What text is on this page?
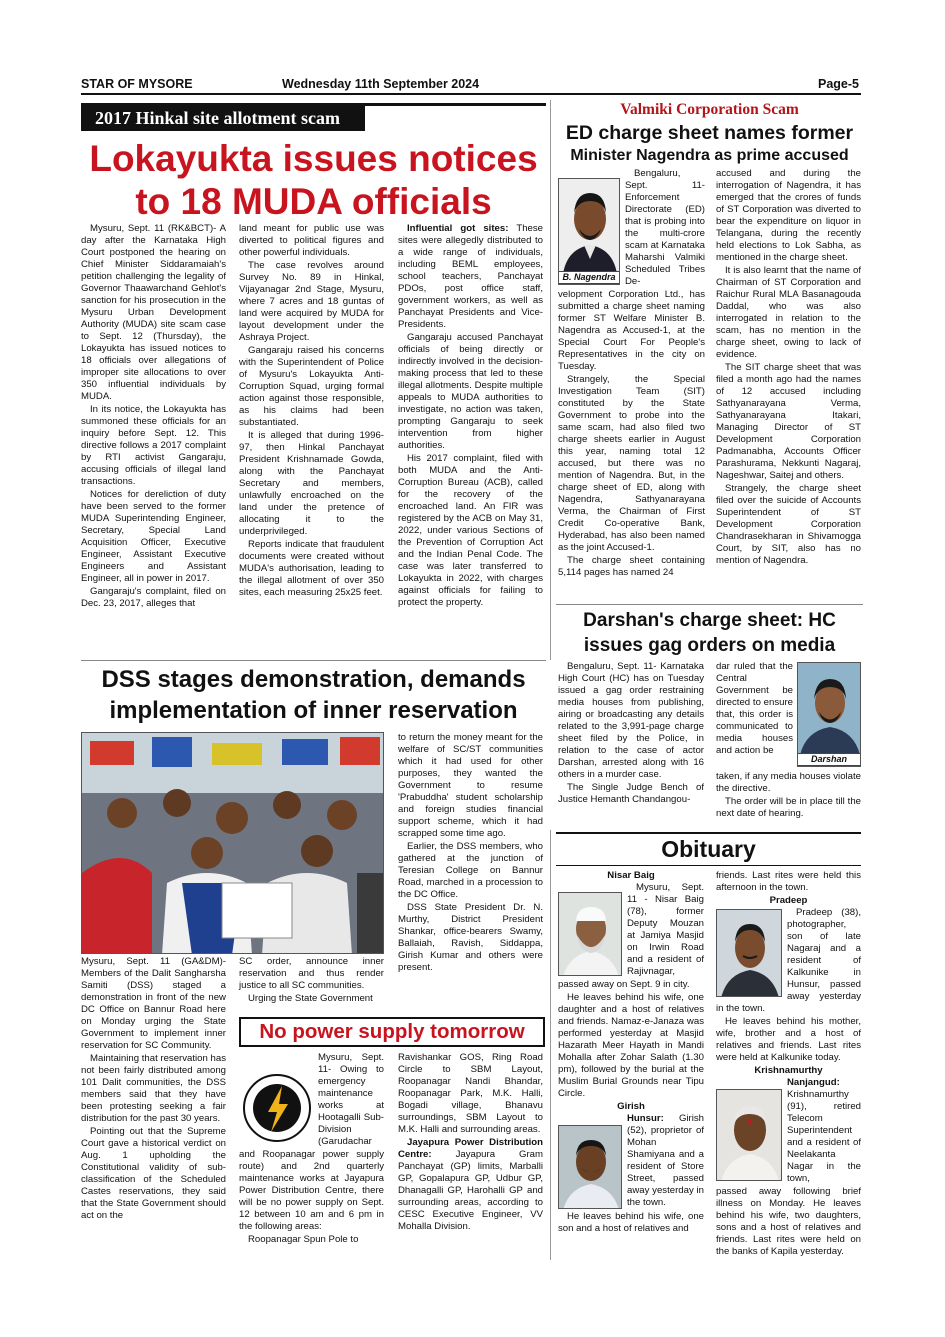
STAR OF MYSORE	Wednesday 11th September 2024	Page-5
2017 Hinkal site allotment scam
Lokayukta issues notices to 18 MUDA officials

Mysuru, Sept. 11 (RK&BCT)- A day after the Karnataka High Court postponed the hearing on Chief Minister Siddaramaiah's petition challenging the legality of Governor Thaawarchand Gehlot's sanction for his prosecution in the Mysuru Urban Development Authority (MUDA) site scam case to Sept. 12 (Thursday), the Lokayukta has issued notices to 18 officials over allegations of improper site allocations to over 350 influential individuals by MUDA.

In its notice, the Lokayukta has summoned these officials for an inquiry before Sept. 12. This directive follows a 2017 complaint by RTI activist Gangaraju, accusing officials of illegal land transactions.

Notices for dereliction of duty have been served to the former MUDA Superintending Engineer, Secretary, Special Land Acquisition Officer, Executive Engineer, Assistant Executive Engineers and Assistant Engineer, all in power in 2017.

Gangaraju's complaint, filed on Dec. 23, 2017, alleges that

land meant for public use was diverted to political figures and other powerful individuals.

The case revolves around Survey No. 89 in Hinkal, Vijayanagar 2nd Stage, Mysuru, where 7 acres and 18 guntas of land were acquired by MUDA for layout development under the Ashraya Project.

Gangaraju raised his concerns with the Superintendent of Police of Mysuru's Lokayukta Anti-Corruption Squad, urging formal action against those responsible, as his claims had been substantiated.

It is alleged that during 1996-97, then Hinkal Panchayat President Krishnamade Gowda, along with the Panchayat Secretary and members, unlawfully encroached on the land under the pretence of allocating it to the underprivileged.

Reports indicate that fraudulent documents were created without MUDA's authorisation, leading to the illegal allotment of over 350 sites, each measuring 25x25 feet.

Influential got sites: These sites were allegedly distributed to a wide range of individuals, including BEML employees, school teachers, Panchayat PDOs, post office staff, government workers, as well as Panchayat Presidents and Vice-Presidents.

Gangaraju accused Panchayat officials of being directly or indirectly involved in the decision-making process that led to these illegal allotments. Despite multiple appeals to MUDA authorities to investigate, no action was taken, prompting Gangaraju to seek intervention from higher authorities.

His 2017 complaint, filed with both MUDA and the Anti-Corruption Bureau (ACB), called for the recovery of the encroached land. An FIR was registered by the ACB on May 31, 2022, under various Sections of the Prevention of Corruption Act and the Indian Penal Code. The case was later transferred to Lokayukta in 2022, with charges against officials for failing to protect the property.

Valmiki Corporation Scam
ED charge sheet names former
Minister Nagendra as prime accused
B. Nagendra

Bengaluru, Sept. 11- Enforcement Directorate (ED) that is probing into the multi-crore scam at Karnataka Maharshi Valmiki Scheduled Tribes De-

velopment Corporation Ltd., has submitted a charge sheet naming former ST Welfare Minister B. Nagendra as Accused-1, at the Special Court For People's Representatives in the city on Tuesday.

Strangely, the Special Investigation Team (SIT) constituted by the State Government to probe into the same scam, had also filed two charge sheets earlier in August this year, naming total 12 accused, but there was no mention of Nagendra. But, in the charge sheet of ED, along with Nagendra, Sathyanarayana Verma, the Chairman of First Credit Co-operative Bank, Hyderabad, has also been named as the joint Accused-1.

The charge sheet containing 5,114 pages has named 24

accused and during the interrogation of Nagendra, it has emerged that the crores of funds of ST Corporation was diverted to bear the expenditure on liquor in Telangana, during the recently held elections to Lok Sabha, as mentioned in the charge sheet.

It is also learnt that the name of Chairman of ST Corporation and Raichur Rural MLA Basanagouda Daddal, who was also interrogated in relation to the scam, has no mention in the charge sheet, owing to lack of evidence.

The SIT charge sheet that was filed a month ago had the names of 12 accused including Sathyanarayana Verma, Sathyanarayana Itakari, Managing Director of ST Development Corporation Padmanabha, Accounts Officer Parashurama, Nekkunti Nagaraj, Nageshwar, Saitej and others.

Strangely, the charge sheet filed over the suicide of Accounts Superintendent of ST Development Corporation Chandrasekharan in Shivamogga Court, by SIT, also has no mention of Nagendra.

Darshan's charge sheet: HC
issues gag orders on media

Bengaluru, Sept. 11- Karnataka High Court (HC) has on Tuesday issued a gag order restraining media houses from publishing, airing or broadcasting any details related to the 3,991-page charge sheet filed by the Police, in relation to the case of actor Darshan, arrested along with 16 others in a murder case.

The Single Judge Bench of Justice Hemanth Chandangou-

dar ruled that the Central Government be directed to ensure that, this order is communicated to media houses and action be

Darshan

taken, if any media houses violate the directive.

The order will be in place till the next date of hearing.

DSS stages demonstration, demands
implementation of inner reservation

Mysuru, Sept. 11 (GA&DM)- Members of the Dalit Sangharsha Samiti (DSS) staged a demonstration in front of the new DC Office on Bannur Road here on Monday urging the State Government to implement inner reservation for SC Community.

Maintaining that reservation has not been fairly distributed among 101 Dalit communities, the DSS members said that they have been protesting seeking a fair distribution for the past 30 years.

Pointing out that the Supreme Court gave a historical verdict on Aug. 1 upholding the Constitutional validity of sub-classification of the Scheduled Castes reservations, they said that the State Government should act on the

SC order, announce inner reservation and thus render justice to all SC communities.

Urging the State Government

to return the money meant for the welfare of SC/ST communities which it had used for other purposes, they wanted the Government to resume 'Prabuddha' student scholarship and foreign studies financial support scheme, which it had scrapped some time ago.

Earlier, the DSS members, who gathered at the junction of Teresian College on Bannur Road, marched in a procession to the DC Office.

DSS State President Dr. N. Murthy, District President Shankar, office-bearers Swamy, Ballaiah, Ravish, Siddappa, Girish Kumar and others were present.

No power supply tomorrow

Mysuru, Sept. 11- Owing to emergency maintenance works at Hootagalli Sub-Division (Garudachar

and Roopanagar power supply route) and 2nd quarterly maintenance works at Jayapura Power Distribution Centre, there will be no power supply on Sept. 12 between 10 am and 6 pm in the following areas:

Roopanagar Spun Pole to

Ravishankar GOS, Ring Road Circle to SBM Layout, Roopanagar Nandi Bhandar, Roopanagar Park, M.K. Halli, Bogadi village, Bhanavu surroundings, SBM Layout to M.K. Halli and surrounding areas.

Jayapura Power Distribution Centre: Jayapura Gram Panchayat (GP) limits, Marballi GP, Gopalapura GP, Udbur GP, Dhanagalli GP, Harohalli GP and surrounding areas, according to CESC Executive Engineer, VV Mohalla Division.

Obituary
Nisar Baig

Mysuru, Sept. 11 - Nisar Baig (78), former Deputy Mouzan at Jamiya Masjid on Irwin Road and a resident of Rajivnagar,

passed away on Sept. 9 in city.

He leaves behind his wife, one daughter and a host of relatives and friends. Namaz-e-Janaza was performed yesterday at Masjid Hazarath Meer Hayath in Mandi Mohalla after Zohar Salath (1.30 pm), followed by the burial at the Muslim Burial Grounds near Tipu Circle.

Girish

Hunsur: Girish (52), proprietor of Mohan Shamiyana and a resident of Store Street, passed away yesterday in the town.

He leaves behind his wife, one son and a host of relatives and

friends. Last rites were held this afternoon in the town.

Pradeep

Pradeep (38), photographer, son of late Nagaraj and a resident of Kalkunike in Hunsur, passed away yesterday in the town.

He leaves behind his mother, wife, brother and a host of relatives and friends. Last rites were held at Kalkunike today.

Krishnamurthy

Nanjangud: Krishnamurthy (91), retired Telecom Superintendent and a resident of Neelakanta Nagar in the town,

passed away following brief illness on Monday. He leaves behind his wife, two daughters, sons and a host of relatives and friends. Last rites were held on the banks of Kapila yesterday.
